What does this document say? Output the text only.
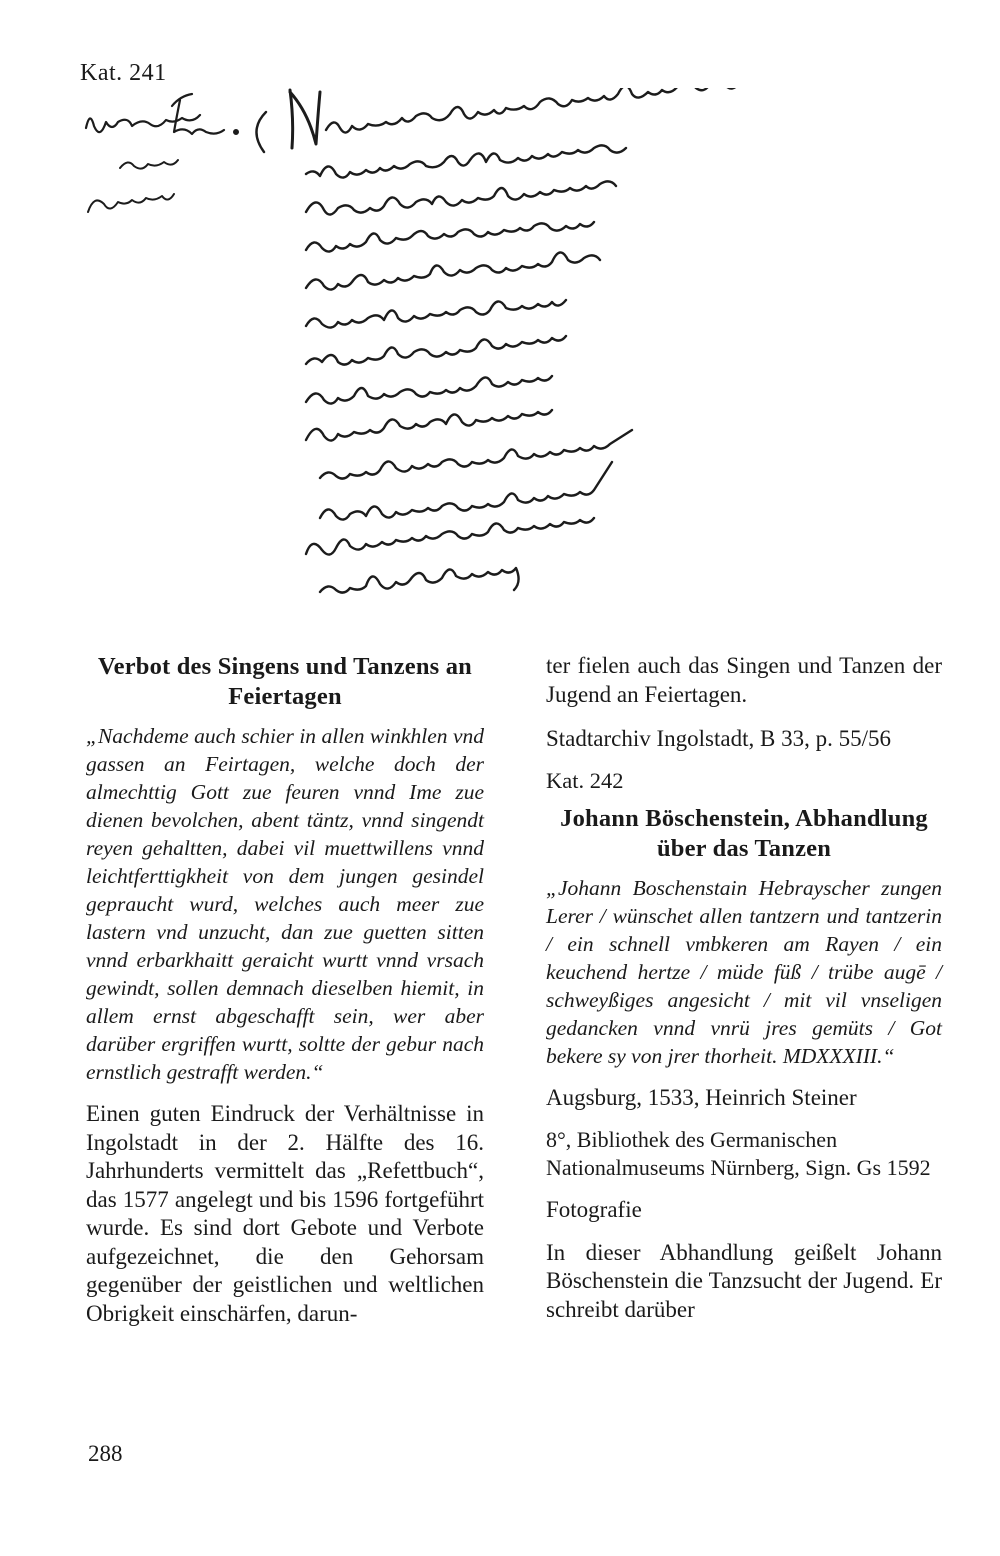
Kat. 241
Verbot des Singens und Tanzens an Feiertagen

„Nachdeme auch schier in allen winkhlen vnd gassen an Feirtagen, welche doch der almechttig Gott zue feuren vnnd Ime zue dienen bevolchen, abent täntz, vnnd singendt reyen gehaltten, dabei vil muettwillens vnnd leichtferttigkheit von dem jungen gesindel gepraucht wurd, welches auch meer zue lastern vnd unzucht, dan zue guetten sitten vnnd erbarkhaitt geraicht wurtt vnnd vrsach gewindt, sollen demnach dieselben hiemit, in allem ernst abgeschafft sein, wer aber darüber ergriffen wurtt, soltte der gebur nach ernstlich gestrafft werden.“

Einen guten Eindruck der Verhältnisse in Ingolstadt in der 2. Hälfte des 16. Jahrhunderts vermittelt das „Refettbuch“, das 1577 angelegt und bis 1596 fortgeführt wurde. Es sind dort Gebote und Verbote aufgezeichnet, die den Gehorsam gegenüber der geistlichen und weltlichen Obrigkeit einschärfen, darun-

ter fielen auch das Singen und Tanzen der Jugend an Feiertagen.

Stadtarchiv Ingolstadt, B 33, p. 55/56

Kat. 242

Johann Böschenstein, Abhandlung über das Tanzen

„Johann Boschenstain Hebrayscher zungen Lerer / wünschet allen tantzern und tantzerin / ein schnell vmbkeren am Rayen / ein keuchend hertze / müde füß / trübe augē / schweyßiges angesicht / mit vil vnseligen gedancken vnnd vnrü jres gemüts / Got bekere sy von jrer thorheit. MDXXXIII.“

Augsburg, 1533, Heinrich Steiner

8°, Bibliothek des Germanischen Nationalmuseums Nürnberg, Sign. Gs 1592

Fotografie

In dieser Abhandlung geißelt Johann Böschenstein die Tanzsucht der Jugend. Er schreibt darüber

288
